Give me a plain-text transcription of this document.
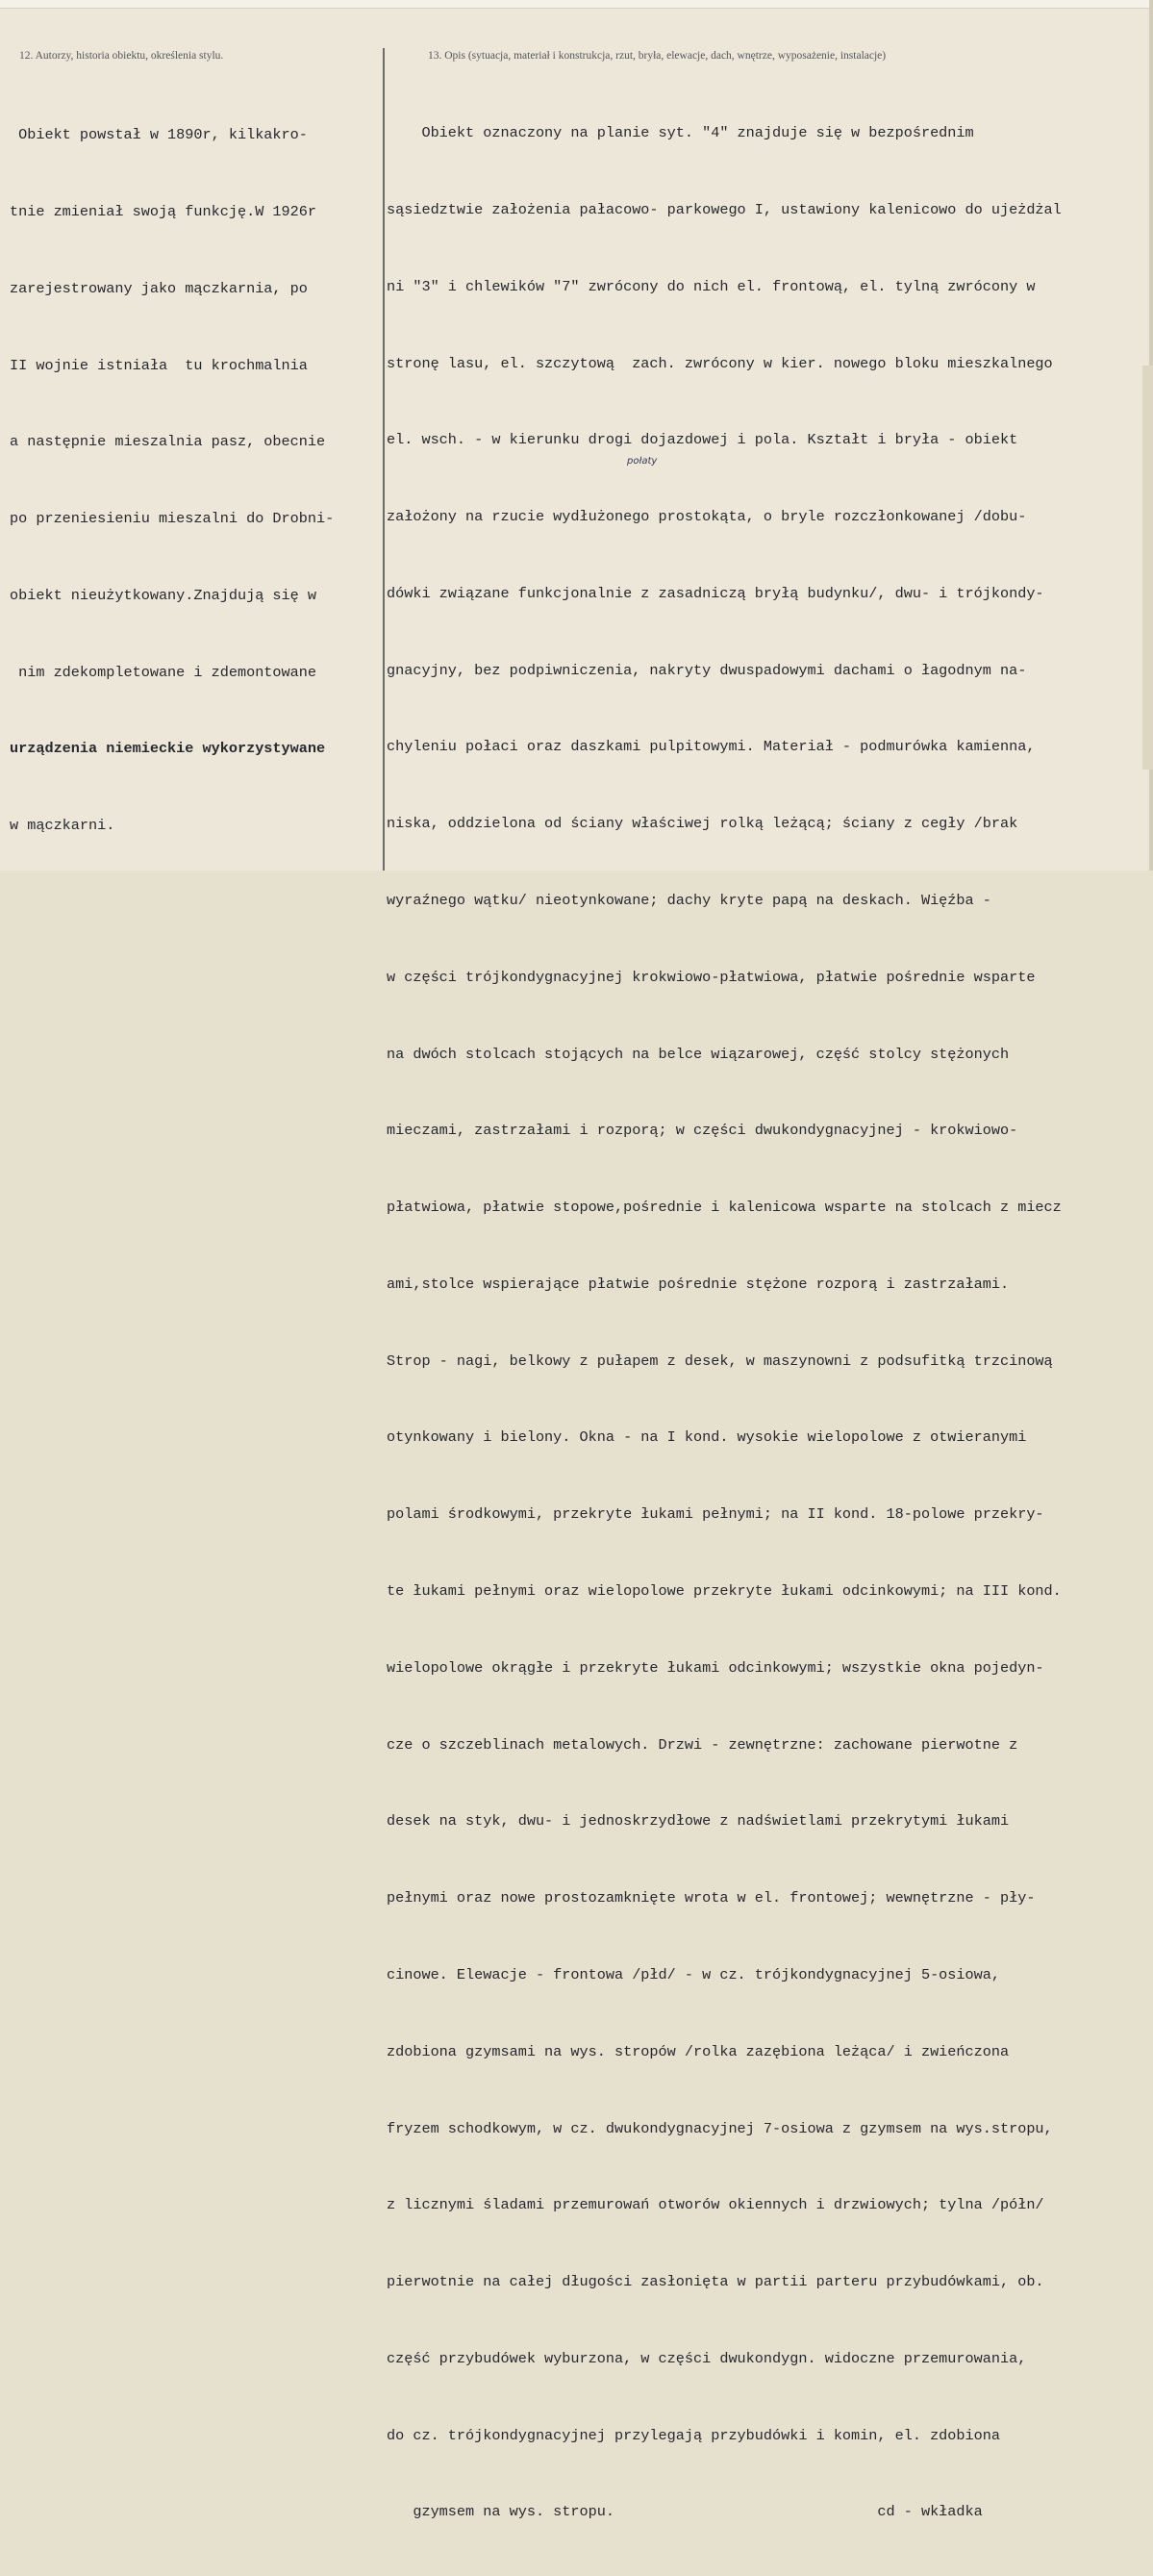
12. Autorzy, historia obiektu, określenia stylu.	13. Opis (sytuacja, materiał i konstrukcja, rzut, bryła, elewacje, dach, wnętrze, wyposażenie, instalacje)

Obiekt powstał w 1890r, kilkakro-

tnie zmieniał swoją funkcję.W 1926r

zarejestrowany jako mączkarnia, po

II wojnie istniała  tu krochmalnia

a następnie mieszalnia pasz, obecnie

po przeniesieniu mieszalni do Drobni-

obiekt nieużytkowany.Znajdują się w

nim zdekompletowane i zdemontowane

urządzenia niemieckie wykorzystywane

w mączkarni.

Obiekt oznaczony na planie syt. "4" znajduje się w bezpośrednim

sąsiedztwie założenia pałacowo- parkowego I, ustawiony kalenicowo do ujeżdżal

ni "3" i chlewików "7" zwrócony do nich el. frontową, el. tylną zwrócony w

stronę lasu, el. szczytową  zach. zwrócony w kier. nowego bloku mieszkalnego

el. wsch. - w kierunku drogi dojazdowej i pola. Kształt i bryła - obiekt

założony na rzucie wydłużonego prostokąta, o bryle rozczłonkowanej /dobu-

dówki związane funkcjonalnie z zasadniczą bryłą budynku/, dwu- i trójkondy-

gnacyjny, bez podpiwniczenia, nakryty dwuspadowymi dachami o łagodnym na-

chyleniu połaci oraz daszkami pulpitowymi. Materiał - podmurówka kamienna,

niska, oddzielona od ściany właściwej rolką leżącą; ściany z cegły /brak

wyraźnego wątku/ nieotynkowane; dachy kryte papą na deskach. Więźba -

w części trójkondygnacyjnej krokwiowo-płatwiowa, płatwie pośrednie wsparte

na dwóch stolcach stojących na belce wiązarowej, część stolcy stężonych

mieczami, zastrzałami i rozporą; w części dwukondygnacyjnej - krokwiowo-

płatwiowa, płatwie stopowe,pośrednie i kalenicowa wsparte na stolcach z miecz

ami,stolce wspierające płatwie pośrednie stężone rozporą i zastrzałami.

Strop - nagi, belkowy z pułapem z desek, w maszynowni z podsufitką trzcinową

otynkowany i bielony. Okna - na I kond. wysokie wielopolowe z otwieranymi

polami środkowymi, przekryte łukami pełnymi; na II kond. 18-polowe przekry-

te łukami pełnymi oraz wielopolowe przekryte łukami odcinkowymi; na III kond.

wielopolowe okrągłe i przekryte łukami odcinkowymi; wszystkie okna pojedyn-

cze o szczeblinach metalowych. Drzwi - zewnętrzne: zachowane pierwotne z

desek na styk, dwu- i jednoskrzydłowe z nadświetlami przekrytymi łukami

pełnymi oraz nowe prostozamknięte wrota w el. frontowej; wewnętrzne - pły-

cinowe. Elewacje - frontowa /płd/ - w cz. trójkondygnacyjnej 5-osiowa,

zdobiona gzymsami na wys. stropów /rolka zazębiona leżąca/ i zwieńczona

fryzem schodkowym, w cz. dwukondygnacyjnej 7-osiowa z gzymsem na wys.stropu,

z licznymi śladami przemurowań otworów okiennych i drzwiowych; tylna /półn/

pierwotnie na całej długości zasłonięta w partii parteru przybudówkami, ob.

część przybudówek wyburzona, w części dwukondygn. widoczne przemurowania,

do cz. trójkondygnacyjnej przylegają przybudówki i komin, el. zdobiona

gzymsem na wys. stropu.                              cd - wkładka

połaty
